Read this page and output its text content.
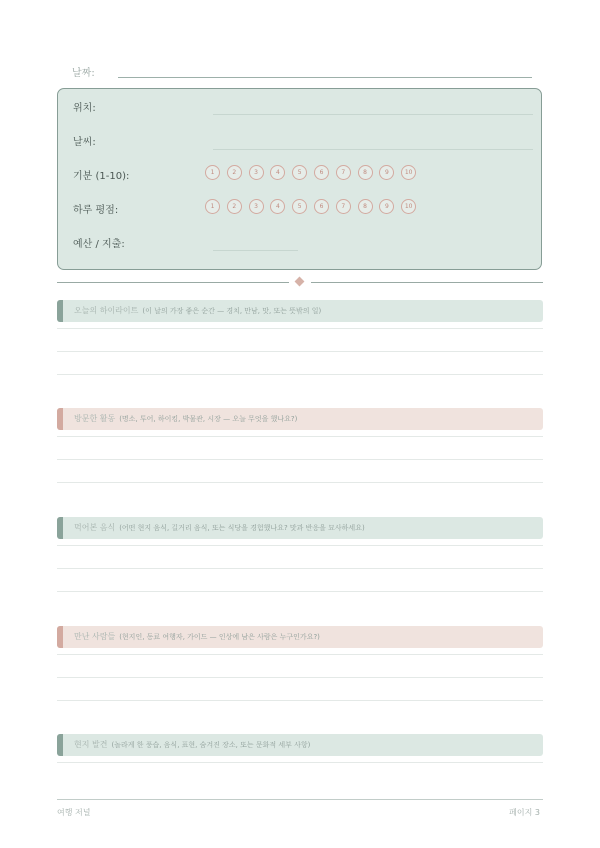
날짜:
위치:
날씨:
기분 (1-10):	1	2	3	4	5	6	7	8	9	10
하루 평점:	1	2	3	4	5	6	7	8	9	10
예산 / 지출:
오늘의 하이라이트 (이 날의 가장 좋은 순간 — 경치, 만남, 맛, 또는 뜻밖의 일)
방문한 활동 (명소, 투어, 하이킹, 박물관, 시장 — 오늘 무엇을 했나요?)
먹어본 음식 (어떤 현지 음식, 길거리 음식, 또는 식당을 경험했나요? 맛과 반응을 묘사하세요)
만난 사람들 (현지인, 동료 여행자, 가이드 — 인상에 남은 사람은 누구인가요?)
현지 발견 (놀라게 한 풍습, 음식, 표현, 숨겨진 장소, 또는 문화적 세부 사항)
여행 저널	페이지 3
